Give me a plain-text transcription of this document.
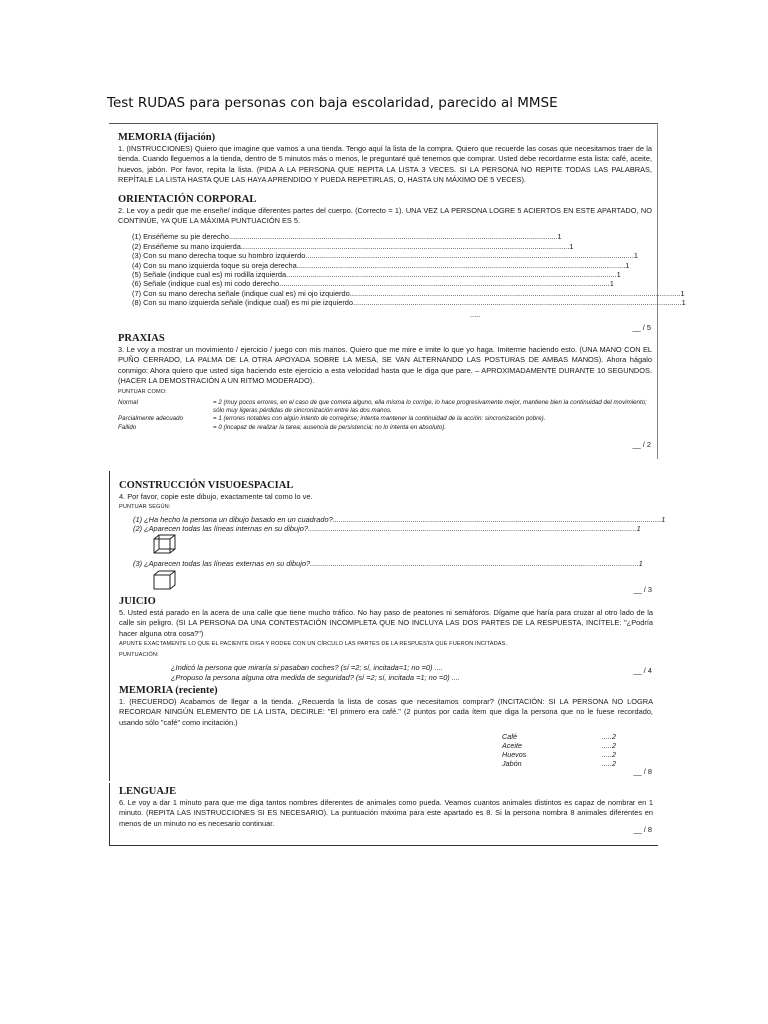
Test RUDAS para personas con baja escolaridad, parecido al MMSE
MEMORIA (fijación)
1. (INSTRUCCIONES) Quiero que imagine que vamos a una tienda. Tengo aquí la lista de la compra. Quiero que recuerde las cosas que necesitamos traer de la tienda. Cuando lleguemos a la tienda, dentro de 5 minutos más o menos, le preguntaré qué tenemos que comprar. Usted debe recordarme esta lista: café, aceite, huevos, jabón. Por favor, repita la lista. (PIDA A LA PERSONA QUE REPITA LA LISTA 3 VECES. SI LA PERSONA NO REPITE TODAS LAS PALABRAS, REPÍTALE LA LISTA HASTA QUE LAS HAYA APRENDIDO Y PUEDA REPETIRLAS, O, HASTA UN MÁXIMO DE 5 VECES).
ORIENTACIÓN CORPORAL
2. Le voy a pedir que me enseñe/ indique diferentes partes del cuerpo. (Correcto = 1). UNA VEZ LA PERSONA LOGRE 5 ACIERTOS EN ESTE APARTADO, NO CONTINÚE, YA QUE LA MÁXIMA PUNTUACIÓN ES 5.
(1) Enséñeme su pie derecho ................................................................................................................................................................ 1
(2) Enséñeme su mano izquierda ................................................................................................................................................................ 1
(3) Con su mano derecha toque su hombro izquierdo ................................................................................................................................................................ 1
(4) Con su mano izquierda toque su oreja derecha ................................................................................................................................................................ 1
(5) Señale (indique cual es) mi rodilla izquierda. ................................................................................................................................................................ 1
(6) Señale (indique cual es) mi codo derecho. ................................................................................................................................................................ 1
(7) Con su mano derecha señale (indique cual es) mi ojo izquierdo. ................................................................................................................................................................ 1
(8) Con su mano izquierda señale (indique cual) es mi pie izquierdo ................................................................................................................................................................ 1
.....
__ / 5
PRAXIAS
3. Le voy a mostrar un movimiento / ejercicio / juego con mis manos. Quiero que me mire e imite lo que yo haga. Imiterme haciendo esto. (UNA MANO CON EL PUÑO CERRADO, LA PALMA DE LA OTRA APOYADA SOBRE LA MESA, SE VAN ALTERNANDO LAS POSTURAS DE AMBAS MANOS). Ahora hágalo conmigo: Ahora quiero que usted siga haciendo este ejercicio a esta velocidad hasta que le diga que pare. – APROXIMADAMENTE DURANTE 10 SEGUNDOS. (HACER LA DEMOSTRACIÓN A UN RITMO MODERADO).
PUNTUAR COMO:
Normal	= 2 (muy pocos errores, en el caso de que cometa alguno, ella misma lo corrige, lo hace progresivamente mejor, mantiene bien la continuidad del movimiento; sólo muy ligeras pérdidas de sincronización entre las dos manos.
Parcialmente adecuado	= 1 (errores notables con algún intento de corregirse; intenta mantener la continuidad de la acción: sincronización pobre).
Fallido	= 0 (incapaz de realizar la tarea; ausencia de persistencia; no lo intenta en absoluto).
__ / 2
CONSTRUCCIÓN VISUOESPACIAL
4. Por favor, copie este dibujo, exactamente tal como lo ve.
PUNTUAR SEGÚN:
(1) ¿Ha hecho la persona un dibujo basado en un cuadrado? ................................................................................................................................................................ 1
(2) ¿Aparecen todas las líneas internas en su dibujo? ................................................................................................................................................................ 1
(3) ¿Aparecen todas las líneas externas en su dibujo? ................................................................................................................................................................ 1
__ / 3
JUICIO
5. Usted está parado en la acera de una calle que tiene mucho tráfico. No hay paso de peatones ni semáforos. Dígame que haría para cruzar al otro lado de la calle sin peligro. (SI LA PERSONA DA UNA CONTESTACIÓN INCOMPLETA QUE NO INCLUYA LAS DOS PARTES DE LA RESPUESTA, INCÍTELE: "¿Podría hacer alguna otra cosa?")
APUNTE EXACTAMENTE LO QUE EL PACIENTE DIGA Y RODEE CON UN CÍRCULO LAS PARTES DE LA RESPUESTA QUE FUERON INCITADAS.
PUNTUACIÓN:
¿Indicó la persona que miraría si pasaban coches? (sí =2; sí, incitada=1; no =0) ....
¿Propuso la persona alguna otra medida de seguridad? (sí =2; sí, incitada =1; no =0) ....
__ / 4
MEMORIA (reciente)
1. (RECUERDO) Acabamos de llegar a la tienda. ¿Recuerda la lista de cosas que necesitamos comprar? (INCITACIÓN: SI LA PERSONA NO LOGRA RECORDAR NINGÚN ELEMENTO DE LA LISTA, DECIRLE: "El primero era café." (2 puntos por cada ítem que diga la persona que no le fuese recordado, usando sólo "café" como incitación.)
Café	.....2
Aceite	.....2
Huevos	.....2
Jabón	.....2
__ / 8
LENGUAJE
6. Le voy a dar 1 minuto para que me diga tantos nombres diferentes de animales como pueda. Veamos cuantos animales distintos es capaz de nombrar en 1 minuto. (REPITA LAS INSTRUCCIONES SI ES NECESARIO). La puntuación máxima para este apartado es 8. Si la persona nombra 8 animales diferentes en menos de un minuto no es necesario continuar.
__ / 8
